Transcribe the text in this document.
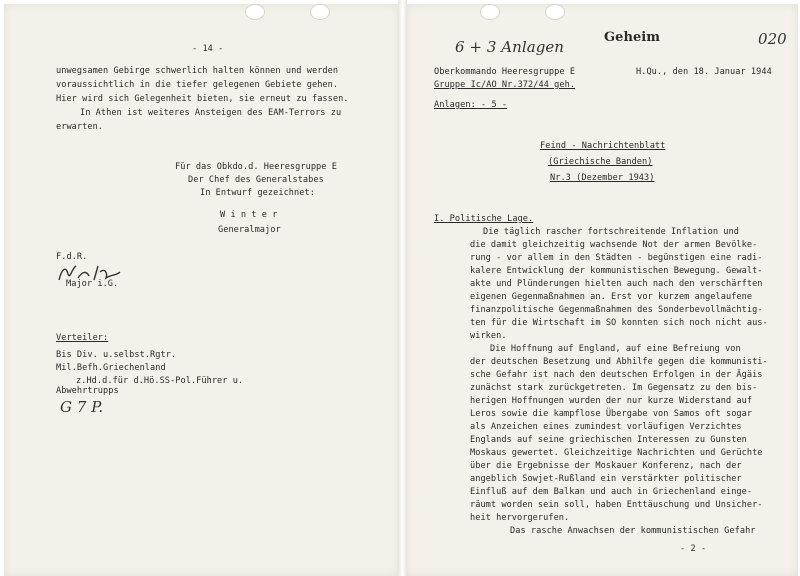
- 14 -
unwegsamen Gebirge schwerlich halten können und werden
voraussichtlich in die tiefer gelegenen Gebiete gehen.
Hier wird sich Gelegenheit bieten, sie erneut zu fassen.
In Athen ist weiteres Ansteigen des EAM-Terrors zu
erwarten.
Für das Obkdo.d. Heeresgruppe E
Der Chef des Generalstabes
In Entwurf gezeichnet:
W i n t e r
Generalmajor
F.d.R.
Major i.G.
Verteiler:
Bis Div. u.selbst.Rgtr.
Mil.Befh.Griechenland
z.Hd.d.für d.Hö.SS-Pol.Führer u.
Abwehrtrupps
G 7 P.
6 + 3 Anlagen
Geheim	020
Oberkommando Heeresgruppe E
Gruppe Ic/AO Nr.372/44 geh.
H.Qu., den 18. Januar 1944
Anlagen: - 5 -
Feind - Nachrichtenblatt
(Griechische Banden)
Nr.3 (Dezember 1943)
I. Politische Lage.
Die täglich rascher fortschreitende Inflation und
die damit gleichzeitig wachsende Not der armen Bevölke-
rung - vor allem in den Städten - begünstigen eine radi-
kalere Entwicklung der kommunistischen Bewegung. Gewalt-
akte und Plünderungen hielten auch nach den verschärften
eigenen Gegenmaßnahmen an. Erst vor kurzem angelaufene
finanzpolitische Gegenmaßnahmen des Sonderbevollmächtig-
ten für die Wirtschaft im SO konnten sich noch nicht aus-
wirken.
Die Hoffnung auf England, auf eine Befreiung von
der deutschen Besetzung und Abhilfe gegen die kommunisti-
sche Gefahr ist nach den deutschen Erfolgen in der Ägäis
zunächst stark zurückgetreten. Im Gegensatz zu den bis-
herigen Hoffnungen wurden der nur kurze Widerstand auf
Leros sowie die kampflose Übergabe von Samos oft sogar
als Anzeichen eines zumindest vorläufigen Verzichtes
Englands auf seine griechischen Interessen zu Gunsten
Moskaus gewertet. Gleichzeitige Nachrichten und Gerüchte
über die Ergebnisse der Moskauer Konferenz, nach der
angeblich Sowjet-Rußland ein verstärkter politischer
Einfluß auf dem Balkan und auch in Griechenland einge-
räumt worden sein soll, haben Enttäuschung und Unsicher-
heit hervorgerufen.
Das rasche Anwachsen der kommunistischen Gefahr
- 2 -
